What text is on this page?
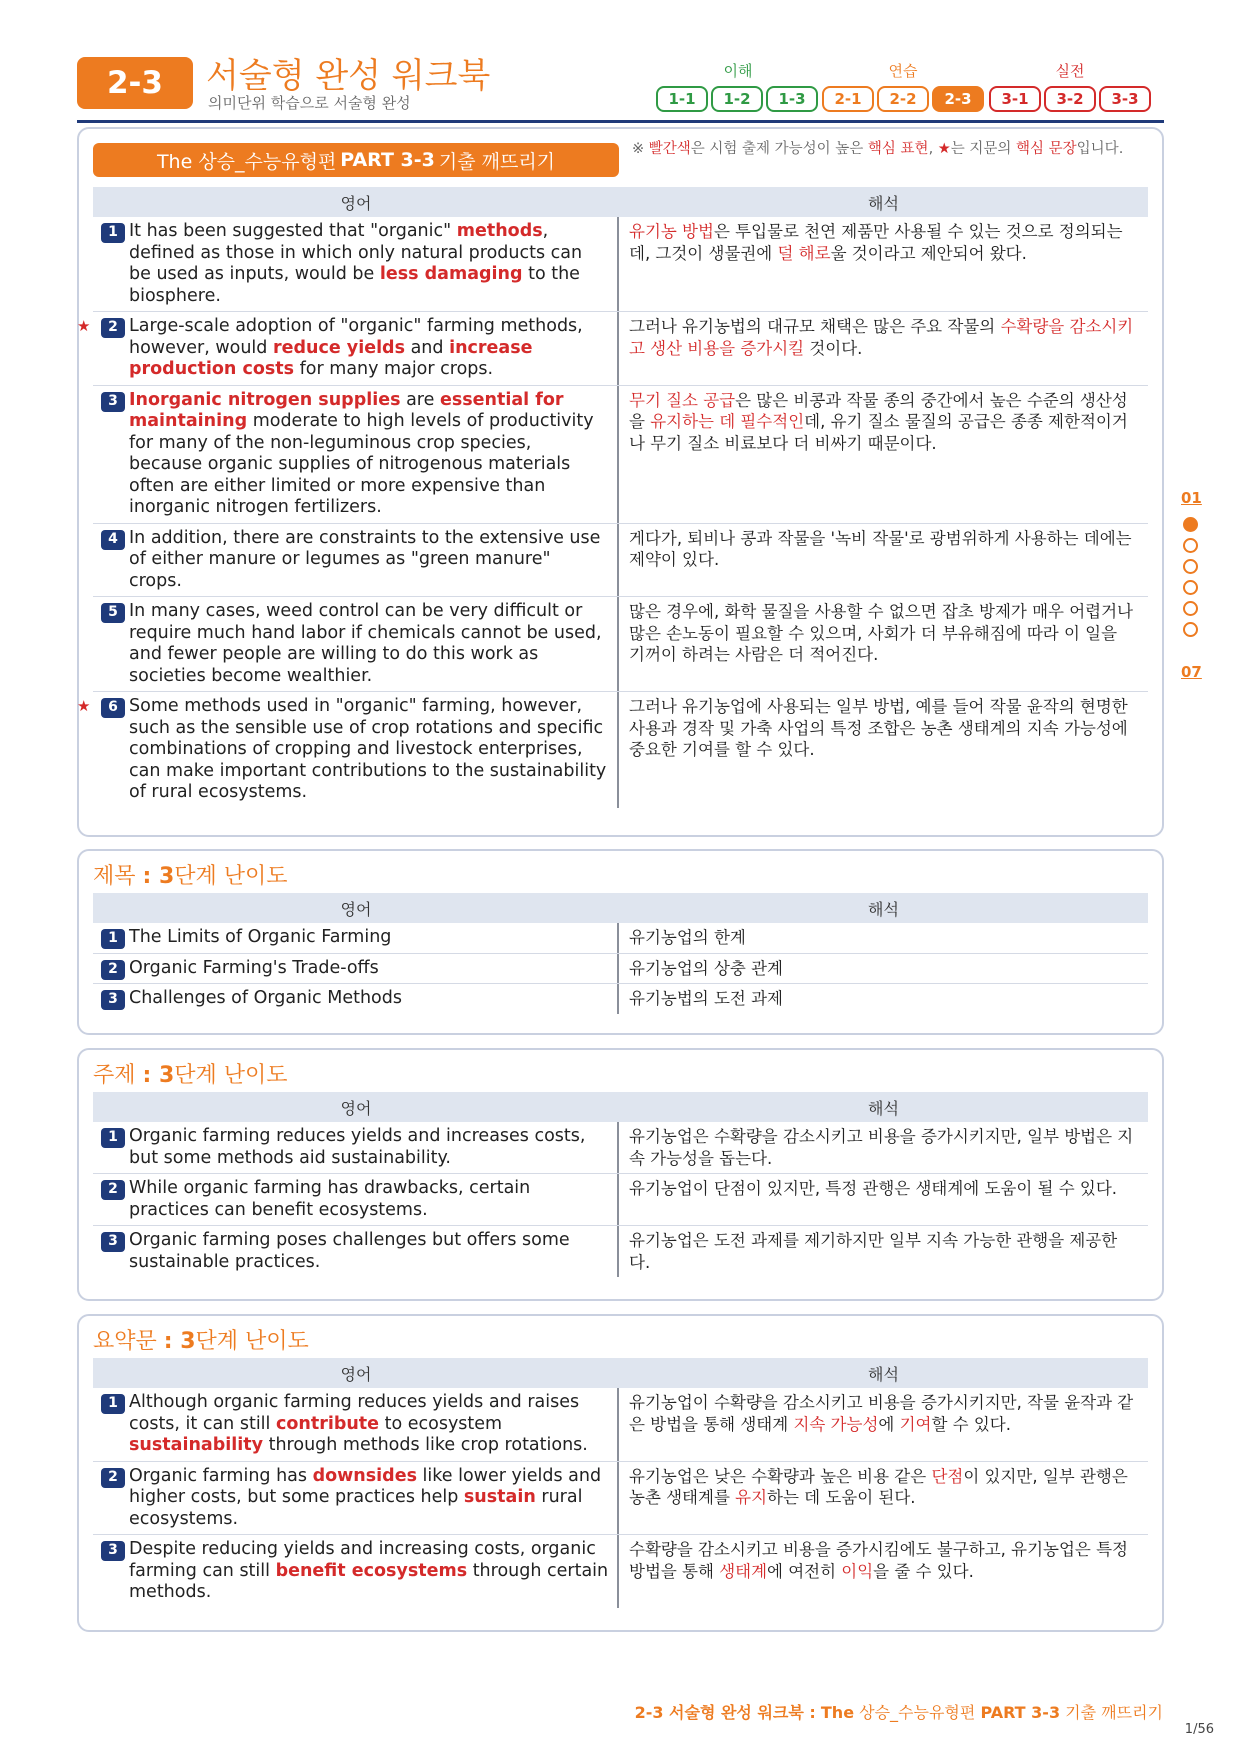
2-3	서술형 완성 워크북
의미단위 학습으로 서술형 완성
이해	연습	실전
1-1	1-2	1-3	2-1	2-2	2-3	3-1	3-2	3-3
The 상승_수능유형편 PART 3-3 기출 깨뜨리기
※ 빨간색은 시험 출제 가능성이 높은 핵심 표현, ★는 지문의 핵심 문장입니다.
영어	해석
1 It has been suggested that "organic" methods, defined as those in which only natural products can be used as inputs, would be less damaging to the biosphere.
유기농 방법은 투입물로 천연 제품만 사용될 수 있는 것으로 정의되는데, 그것이 생물권에 덜 해로울 것이라고 제안되어 왔다.
★	2 Large-scale adoption of "organic" farming methods, however, would reduce yields and increase production costs for many major crops.
그러나 유기농법의 대규모 채택은 많은 주요 작물의 수확량을 감소시키고 생산 비용을 증가시킬 것이다.
3 Inorganic nitrogen supplies are essential for maintaining moderate to high levels of productivity for many of the non-leguminous crop species, because organic supplies of nitrogenous materials often are either limited or more expensive than inorganic nitrogen fertilizers.
무기 질소 공급은 많은 비콩과 작물 종의 중간에서 높은 수준의 생산성을 유지하는 데 필수적인데, 유기 질소 물질의 공급은 종종 제한적이거나 무기 질소 비료보다 더 비싸기 때문이다.
4 In addition, there are constraints to the extensive use of either manure or legumes as "green manure" crops.
게다가, 퇴비나 콩과 작물을 '녹비 작물'로 광범위하게 사용하는 데에는 제약이 있다.
5 In many cases, weed control can be very difficult or require much hand labor if chemicals cannot be used, and fewer people are willing to do this work as societies become wealthier.
많은 경우에, 화학 물질을 사용할 수 없으면 잡초 방제가 매우 어렵거나 많은 손노동이 필요할 수 있으며, 사회가 더 부유해짐에 따라 이 일을 기꺼이 하려는 사람은 더 적어진다.
★	6 Some methods used in "organic" farming, however, such as the sensible use of crop rotations and specific combinations of cropping and livestock enterprises, can make important contributions to the sustainability of rural ecosystems.
그러나 유기농업에 사용되는 일부 방법, 예를 들어 작물 윤작의 현명한 사용과 경작 및 가축 사업의 특정 조합은 농촌 생태계의 지속 가능성에 중요한 기여를 할 수 있다.
제목 : 3단계 난이도
영어	해석
1 The Limits of Organic Farming	유기농업의 한계
2 Organic Farming's Trade-offs	유기농업의 상충 관계
3 Challenges of Organic Methods	유기농법의 도전 과제
주제 : 3단계 난이도
영어	해석
1 Organic farming reduces yields and increases costs, but some methods aid sustainability.
유기농업은 수확량을 감소시키고 비용을 증가시키지만, 일부 방법은 지속 가능성을 돕는다.
2 While organic farming has drawbacks, certain practices can benefit ecosystems.
유기농업이 단점이 있지만, 특정 관행은 생태계에 도움이 될 수 있다.
3 Organic farming poses challenges but offers some sustainable practices.
유기농업은 도전 과제를 제기하지만 일부 지속 가능한 관행을 제공한다.
요약문 : 3단계 난이도
영어	해석
1 Although organic farming reduces yields and raises costs, it can still contribute to ecosystem sustainability through methods like crop rotations.
유기농업이 수확량을 감소시키고 비용을 증가시키지만, 작물 윤작과 같은 방법을 통해 생태계 지속 가능성에 기여할 수 있다.
2 Organic farming has downsides like lower yields and higher costs, but some practices help sustain rural ecosystems.
유기농업은 낮은 수확량과 높은 비용 같은 단점이 있지만, 일부 관행은 농촌 생태계를 유지하는 데 도움이 된다.
3 Despite reducing yields and increasing costs, organic farming can still benefit ecosystems through certain methods.
수확량을 감소시키고 비용을 증가시킴에도 불구하고, 유기농업은 특정 방법을 통해 생태계에 여전히 이익을 줄 수 있다.
01
07
2-3 서술형 완성 워크북 : The 상승_수능유형편 PART 3-3 기출 깨뜨리기
1/56
